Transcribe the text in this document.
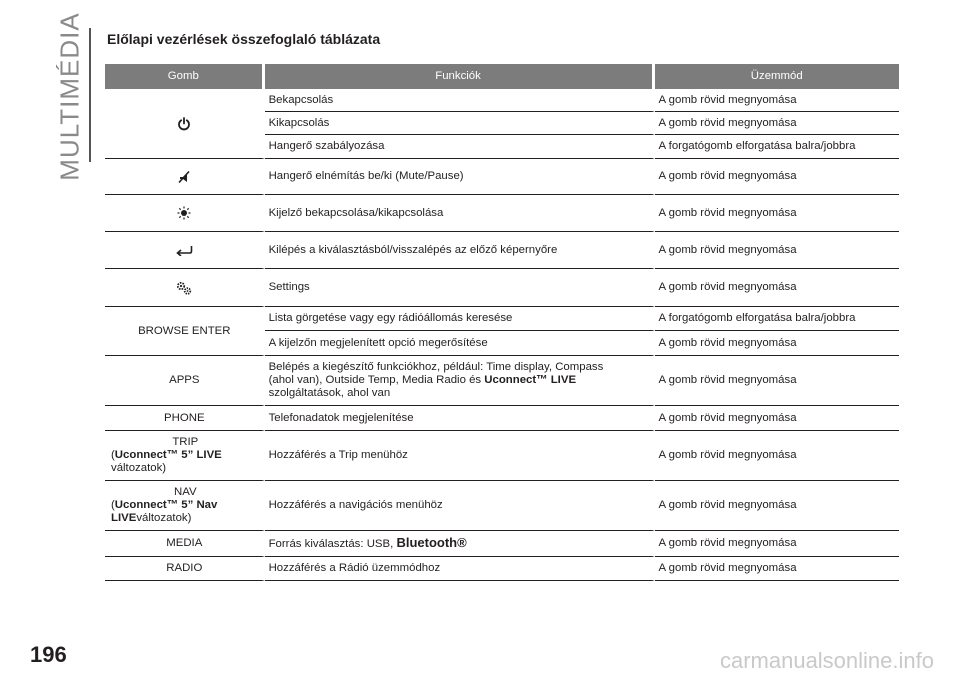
MULTIMÉDIA Előlapi vezérlések összefoglaló táblázata
Gomb	Funkciók	Üzemmód

	Bekapcsolás	A gomb rövid megnyomása
	Kikapcsolás	A gomb rövid megnyomása
	Hangerő szabályozása	A forgatógomb elforgatása balra/jobbra

	Hangerő elnémítás be/ki (Mute/Pause)	A gomb rövid megnyomása

	Kijelző bekapcsolása/kikapcsolása	A gomb rövid megnyomása

	Kilépés a kiválasztásból/visszalépés az előző képernyőre	A gomb rövid megnyomása

	Settings	A gomb rövid megnyomása
BROWSE ENTER	Lista görgetése vagy egy rádióállomás keresése	A forgatógomb elforgatása balra/jobbra
	A kijelzőn megjelenített opció megerősítése	A gomb rövid megnyomása
APPS	Belépés a kiegészítő funkciókhoz, például: Time display, Compass
(ahol van), Outside Temp, Media Radio és Uconnect™ LIVE
szolgáltatások, ahol van	A gomb rövid megnyomása
PHONE	Telefonadatok megjelenítése	A gomb rövid megnyomása

TRIP
(Uconnect™ 5” LIVE
változatok)	Hozzáférés a Trip menühöz	A gomb rövid megnyomása

NAV
(Uconnect™ 5” Nav
LIVEváltozatok)	Hozzáférés a navigációs menühöz	A gomb rövid megnyomása
MEDIA	Forrás kiválasztás: USB, Bluetooth®	A gomb rövid megnyomása
RADIO	Hozzáférés a Rádió üzemmódhoz	A gomb rövid megnyomása
196	carmanualsonline.info
